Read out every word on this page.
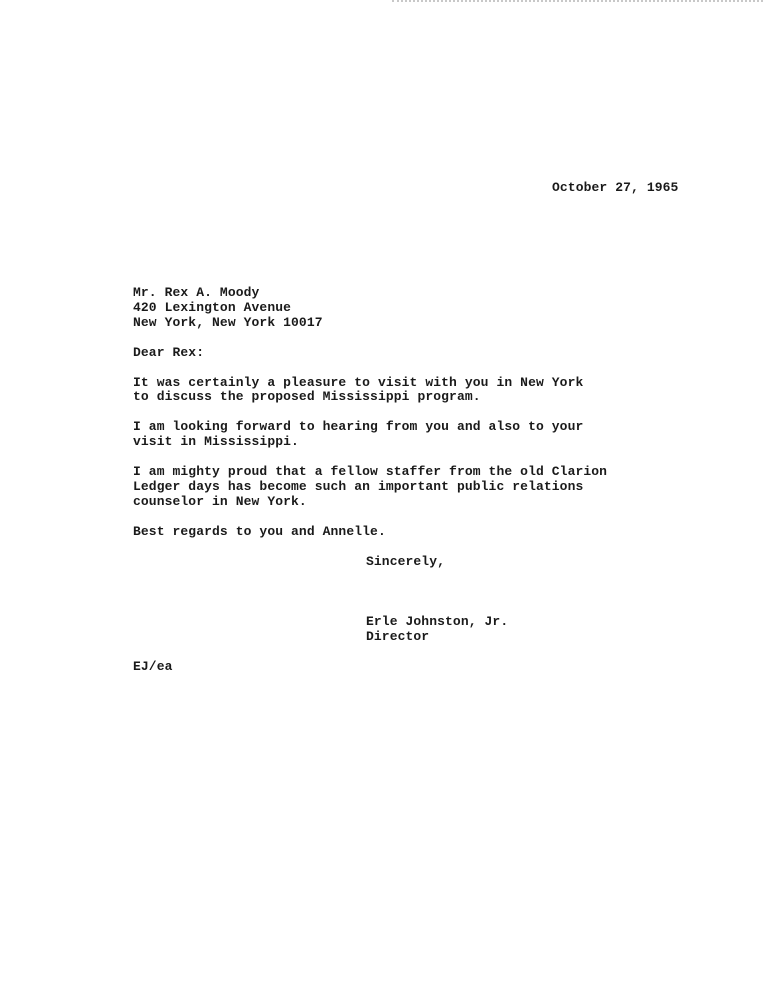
October 27, 1965
Mr. Rex A. Moody
420 Lexington Avenue
New York, New York 10017
Dear Rex:
It was certainly a pleasure to visit with you in New York
to discuss the proposed Mississippi program.
I am looking forward to hearing from you and also to your
visit in Mississippi.
I am mighty proud that a fellow staffer from the old Clarion
Ledger days has become such an important public relations
counselor in New York.
Best regards to you and Annelle.
Sincerely,
Erle Johnston, Jr.
Director
EJ/ea
